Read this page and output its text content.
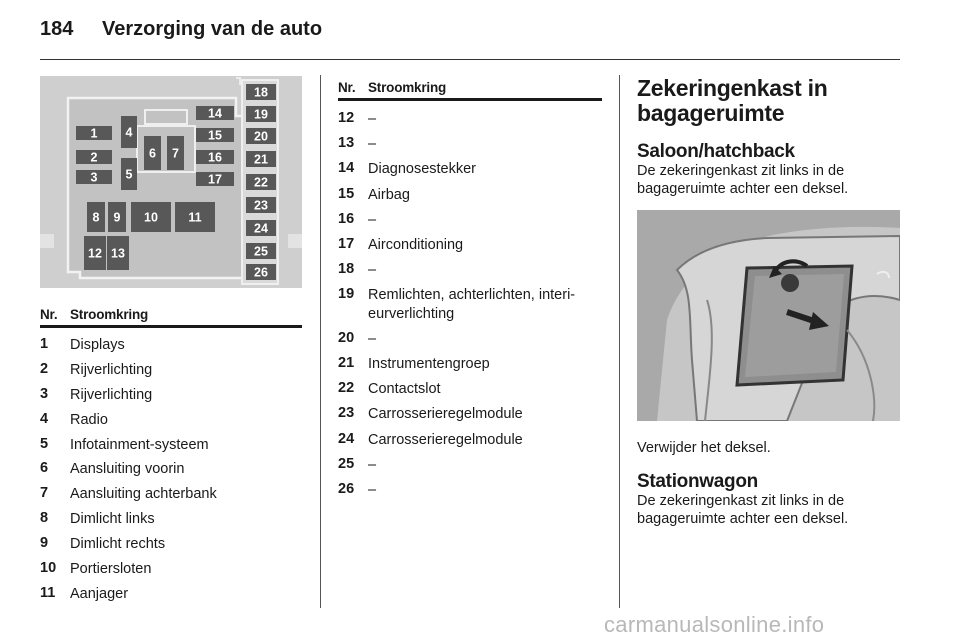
184 Verzorging van de auto
1
2
3
4
5
6 7
8 9 10 11
12 13
14
15
16
17
18
19
20
21
22
23
24
25
26
Nr. Stroomkring
1	Displays
2	Rijverlichting
3	Rijverlichting
4	Radio
5	Infotainment-systeem
6	Aansluiting voorin
7	Aansluiting achterbank
8	Dimlicht links
9	Dimlicht rechts
10 Portiersloten
11	Aanjager
Nr. Stroomkring
12 –
13 –
14 Diagnosestekker
15 Airbag
16 –
17 Airconditioning
18 –
19 Remlichten, achterlichten, interieurverlichting
20 –
21 Instrumentengroep
22 Contactslot
23 Carrosserieregelmodule
24 Carrosserieregelmodule
25 –
26 –
Zekeringenkast in bagageruimte
Saloon/hatchback

De zekeringenkast zit links in de bagageruimte achter een deksel.

Verwijder het deksel.

Stationwagon

De zekeringenkast zit links in de bagageruimte achter een deksel.

carmanualsonline.info
